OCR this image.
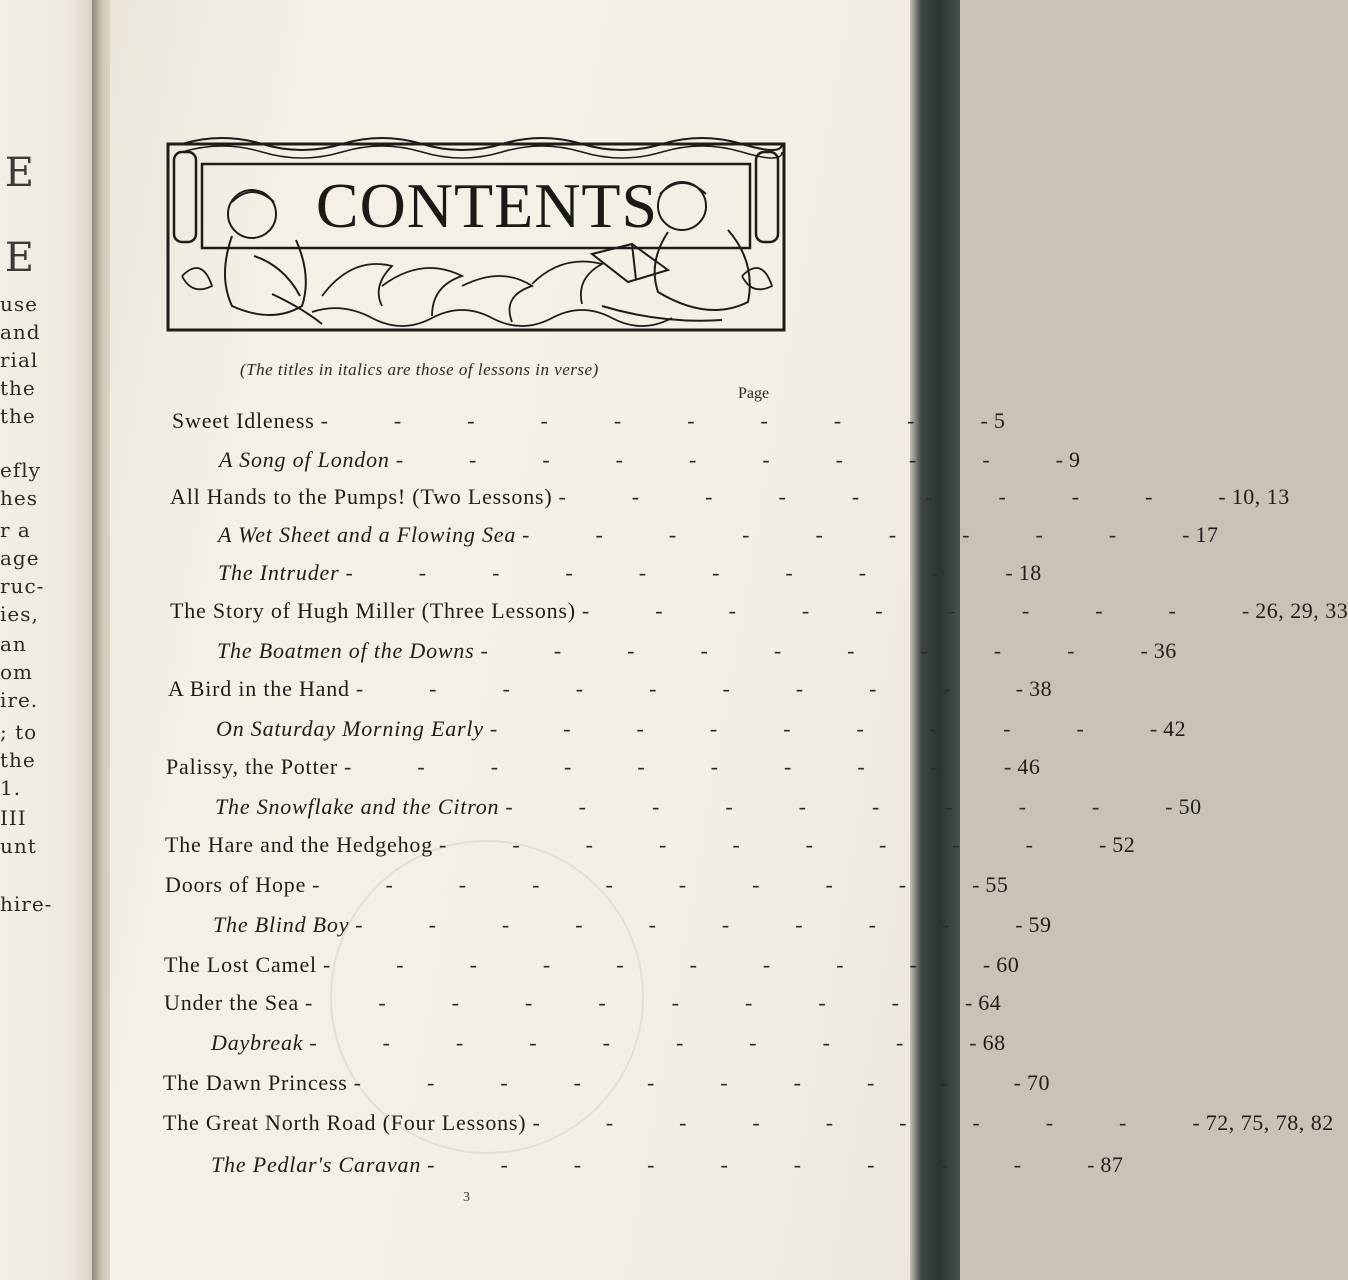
E
E
use
and
rial
the
the
efly
hes
r a
age
ruc-
ies,
an
om
ire.
; to
the
1.
III
unt
hire-
CONTENTS
(The titles in italics are those of lessons in verse)
Page
Sweet Idleness -   -   -   -   -   -   -   -   -   - 5
A Song of London -   -   -   -   -   -   -   -   -   - 9
All Hands to the Pumps! (Two Lessons) -   -   -   -   -   -   -   -   -   - 10, 13
A Wet Sheet and a Flowing Sea -   -   -   -   -   -   -   -   -   - 17
The Intruder -   -   -   -   -   -   -   -   -   - 18
The Story of Hugh Miller (Three Lessons) -   -   -   -   -   -   -   -   -   - 26, 29, 33
The Boatmen of the Downs -   -   -   -   -   -   -   -   -   - 36
A Bird in the Hand -   -   -   -   -   -   -   -   -   - 38
On Saturday Morning Early -   -   -   -   -   -   -   -   -   - 42
Palissy, the Potter -   -   -   -   -   -   -   -   -   - 46
The Snowflake and the Citron -   -   -   -   -   -   -   -   -   - 50
The Hare and the Hedgehog -   -   -   -   -   -   -   -   -   - 52
Doors of Hope -   -   -   -   -   -   -   -   -   - 55
The Blind Boy -   -   -   -   -   -   -   -   -   - 59
The Lost Camel -   -   -   -   -   -   -   -   -   - 60
Under the Sea -   -   -   -   -   -   -   -   -   - 64
Daybreak -   -   -   -   -   -   -   -   -   - 68
The Dawn Princess -   -   -   -   -   -   -   -   -   - 70
The Great North Road (Four Lessons) -   -   -   -   -   -   -   -   -   - 72, 75, 78, 82
The Pedlar's Caravan -   -   -   -   -   -   -   -   -   - 87
3
